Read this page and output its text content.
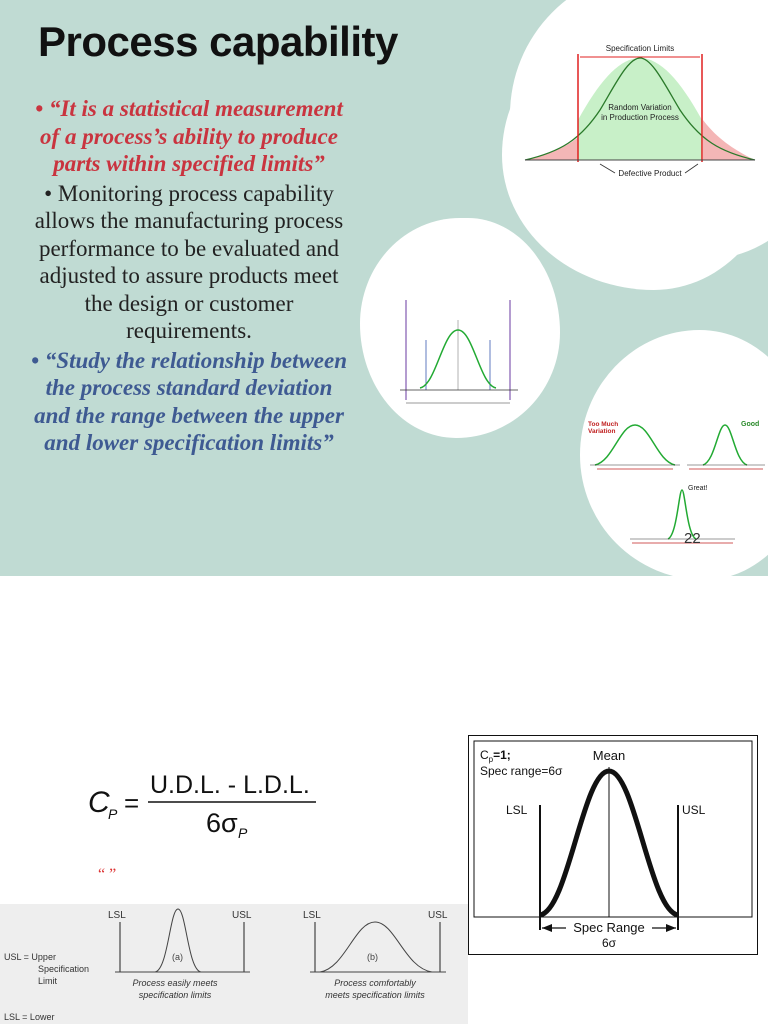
Process capability
• “It is a statistical measurement of a process’s ability to produce parts within specified limits”
• Monitoring process capability allows the manufacturing process performance to be evaluated and adjusted to assure products meet the design or customer requirements.
• “Study the relationship between the process standard deviation and the range between the upper and lower specification limits”
Specification Limits
Random Variation
in Production Process
Defective Product
Too Much
Variation
Good
Great!
22
C
P =
U.D.L. - L.D.L.
6σ P
“ ”
$C_p=1$;
Spec range=6σ
Mean
LSL	USL
Spec Range
6σ
LSL	USL
(a)
Process easily meets
specification limits
LSL	USL
(b)
Process comfortably
meets specification limits
USL = Upper
Specification
Limit
LSL = Lower
